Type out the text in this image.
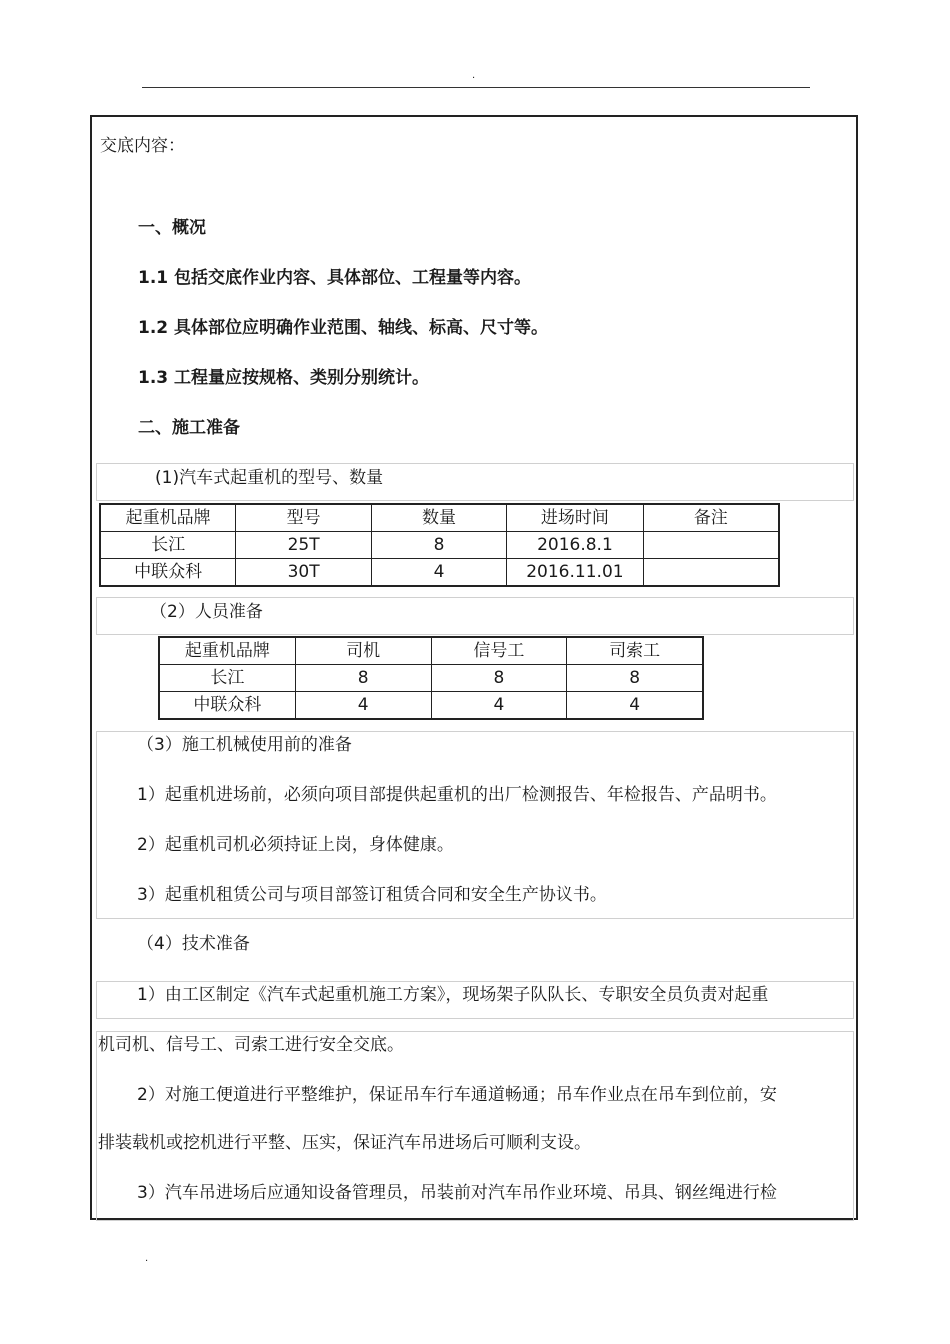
.
交底内容：
一、概况
1.1 包括交底作业内容、具体部位、工程量等内容。
1.2 具体部位应明确作业范围、轴线、标高、尺寸等。
1.3 工程量应按规格、类别分别统计。
二、施工准备
(1)汽车式起重机的型号、数量
起重机品牌	型号	数量	进场时间	备注
长江	25T	8	2016.8.1	
中联众科	30T	4	2016.11.01	
（2）人员准备
起重机品牌	司机	信号工	司索工
长江	8	8	8
中联众科	4	4	4
（3）施工机械使用前的准备
1）起重机进场前，必须向项目部提供起重机的出厂检测报告、年检报告、产品明书。
2）起重机司机必须持证上岗，身体健康。
3）起重机租赁公司与项目部签订租赁合同和安全生产协议书。
（4）技术准备
1）由工区制定《汽车式起重机施工方案》，现场架子队队长、专职安全员负责对起重
机司机、信号工、司索工进行安全交底。
2）对施工便道进行平整维护，保证吊车行车通道畅通；吊车作业点在吊车到位前，安
排装载机或挖机进行平整、压实，保证汽车吊进场后可顺利支设。
3）汽车吊进场后应通知设备管理员，吊装前对汽车吊作业环境、吊具、钢丝绳进行检
.
